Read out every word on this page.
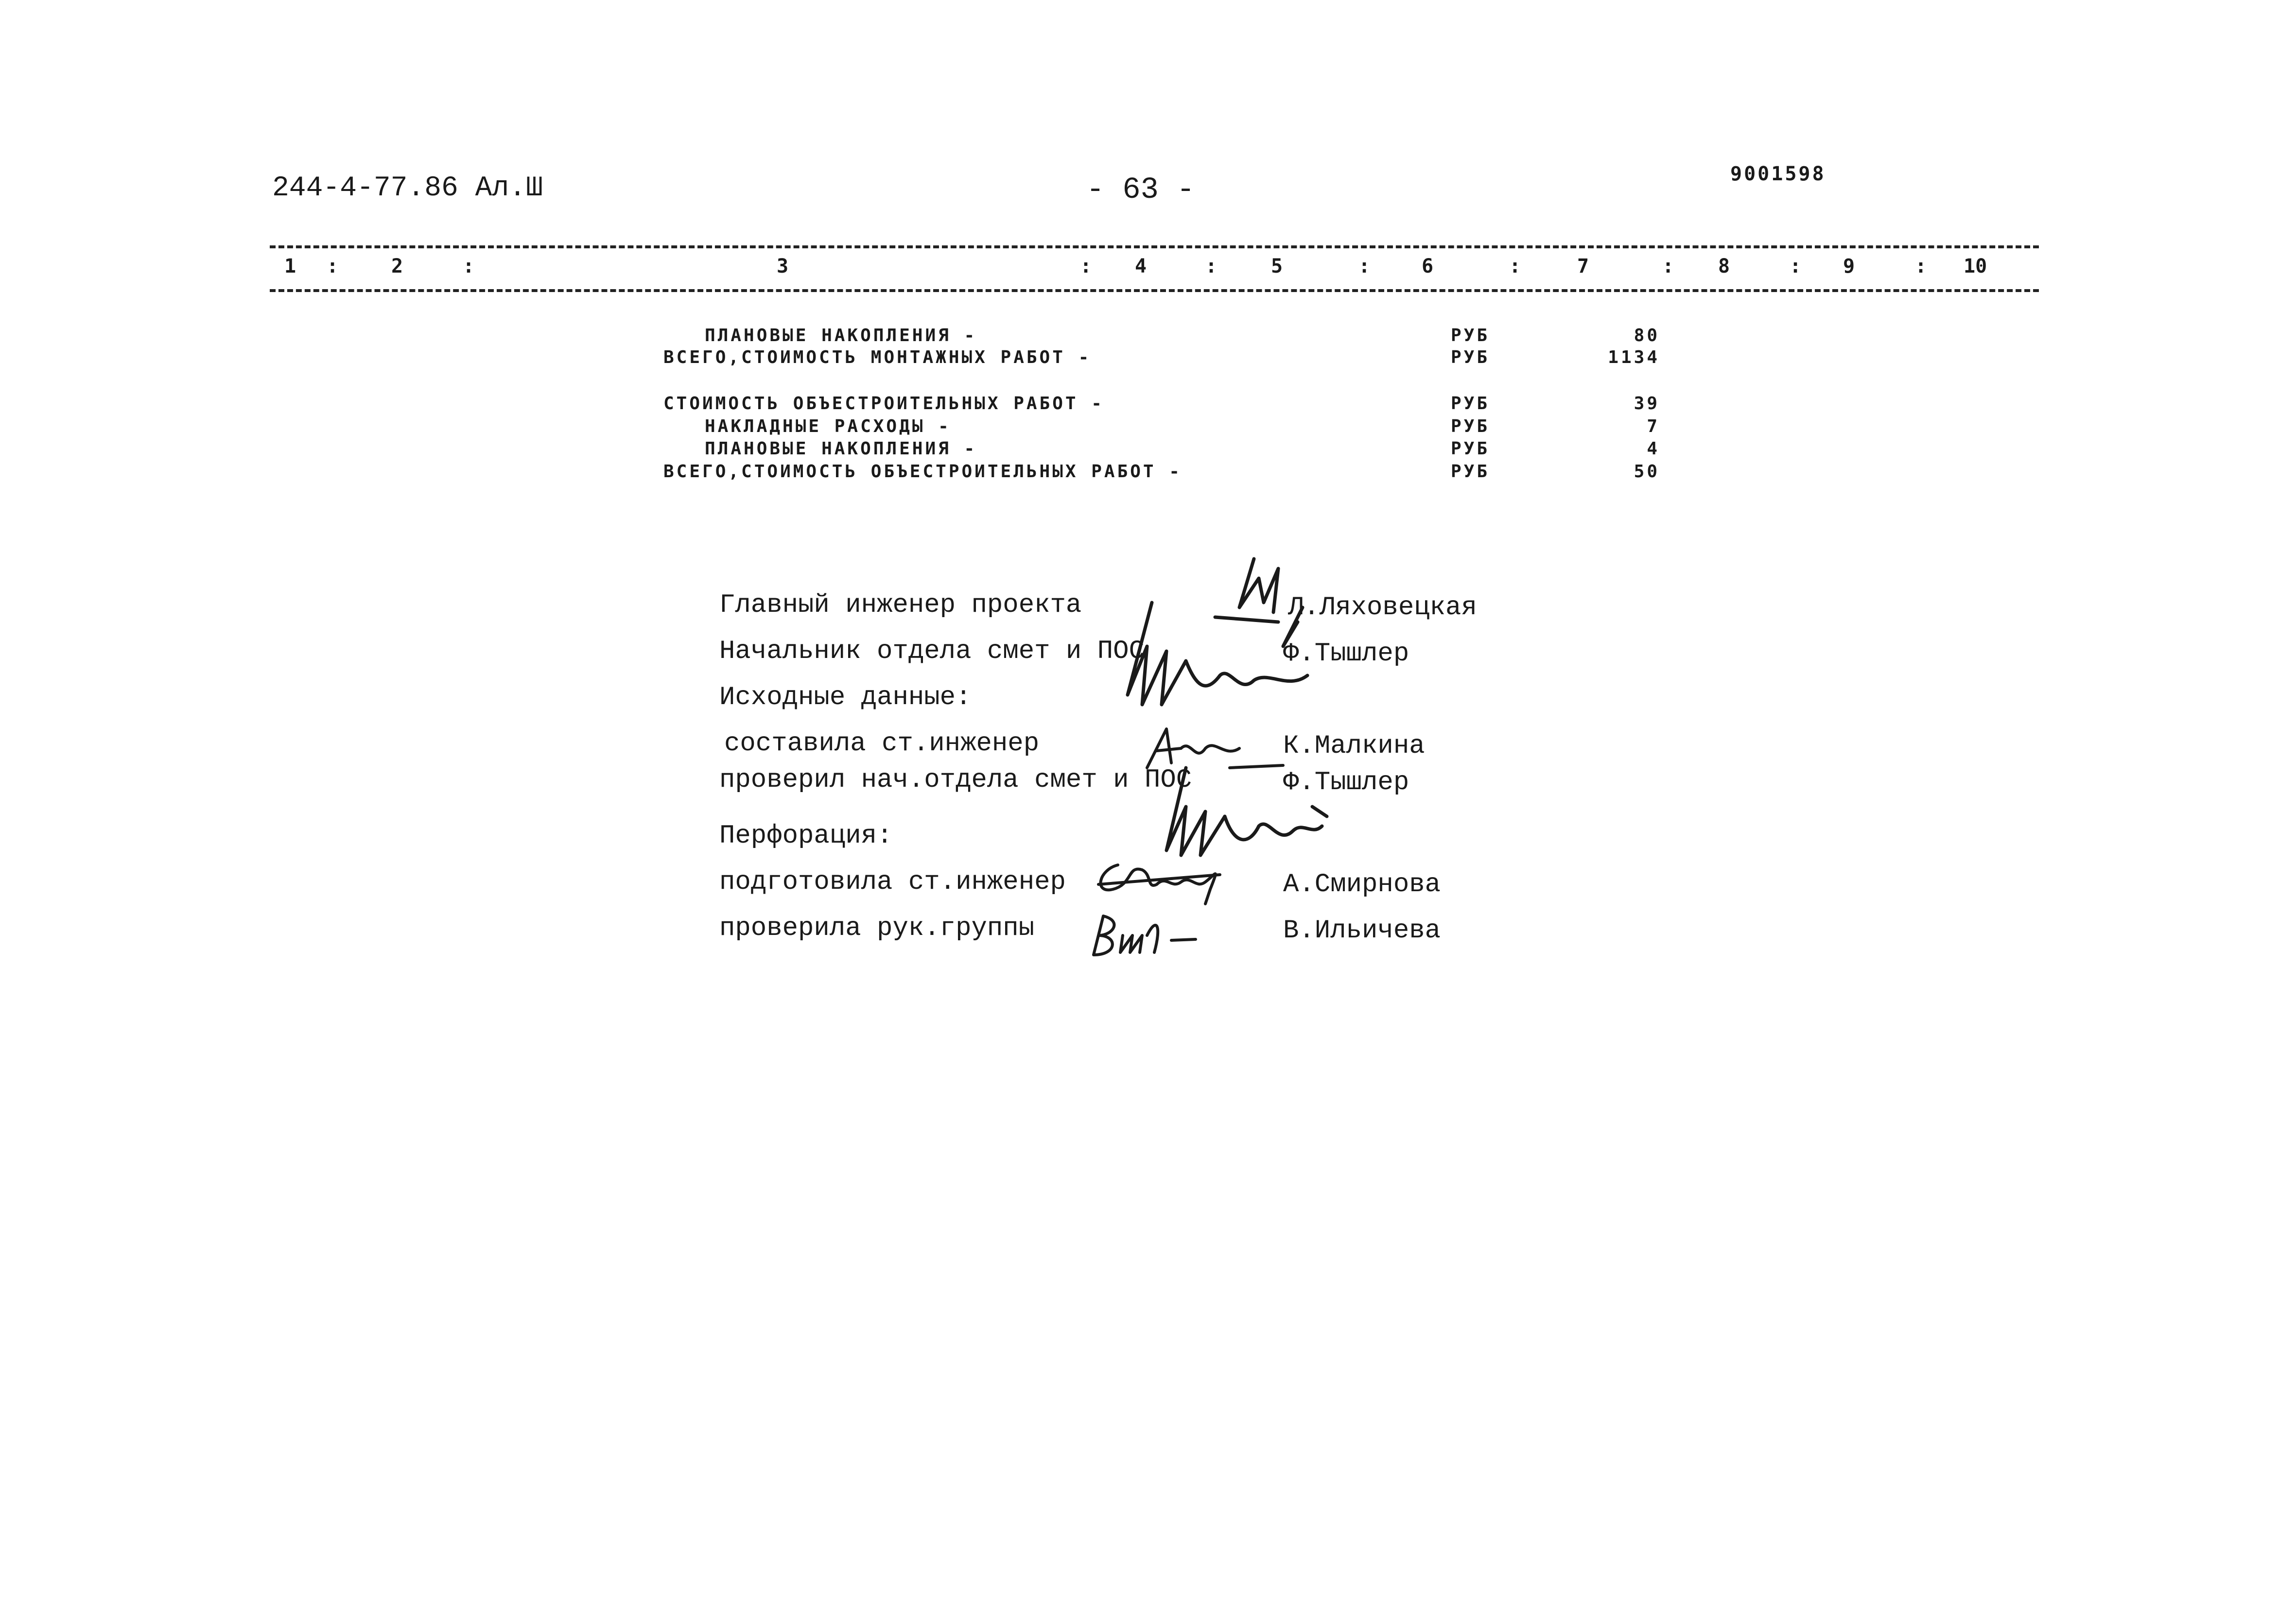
244-4-77.86 Ал.Ш	- 63 -	9001598
1 :	2	:	3	: 4	:	5	:	6	:	7	: 8	: 9	: 10
ПЛАНОВЫЕ НАКОПЛЕНИЯ -	РУБ	80
ВСЕГО,СТОИМОСТЬ МОНТАЖНЫХ РАБОТ -	РУБ	1134
СТОИМОСТЬ ОБЪЕСТРОИТЕЛЬНЫХ РАБОТ -	РУБ	39
НАКЛАДНЫЕ РАСХОДЫ -	РУБ	7
ПЛАНОВЫЕ НАКОПЛЕНИЯ -	РУБ	4
ВСЕГО,СТОИМОСТЬ ОБЪЕСТРОИТЕЛЬНЫХ РАБОТ -	РУБ	50
Главный инженер проекта	Л.Ляховецкая
Начальник отдела смет и ПОС	Ф.Тышлер
Исходные данные:
составила ст.инженер	К.Малкина
проверил нач.отдела смет и ПОС	Ф.Тышлер
Перфорация:
подготовила ст.инженер	А.Смирнова
проверила рук.группы	В.Ильичева
